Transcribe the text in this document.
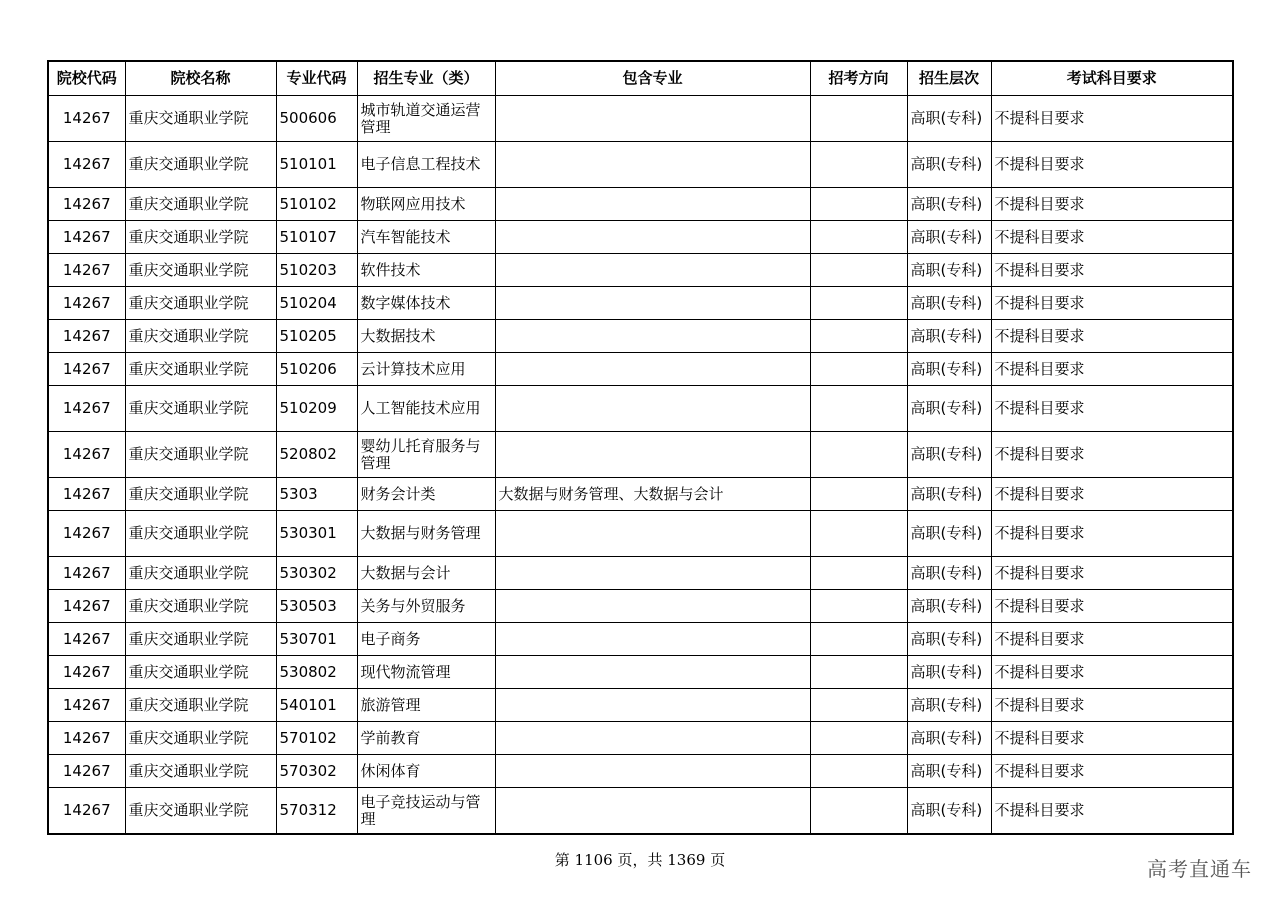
院校代码	院校名称	专业代码	招生专业（类）	包含专业	招考方向	招生层次	考试科目要求
14267	重庆交通职业学院	500606	城市轨道交通运营管理			高职(专科)	不提科目要求
14267	重庆交通职业学院	510101	电子信息工程技术			高职(专科)	不提科目要求
14267	重庆交通职业学院	510102	物联网应用技术			高职(专科)	不提科目要求
14267	重庆交通职业学院	510107	汽车智能技术			高职(专科)	不提科目要求
14267	重庆交通职业学院	510203	软件技术			高职(专科)	不提科目要求
14267	重庆交通职业学院	510204	数字媒体技术			高职(专科)	不提科目要求
14267	重庆交通职业学院	510205	大数据技术			高职(专科)	不提科目要求
14267	重庆交通职业学院	510206	云计算技术应用			高职(专科)	不提科目要求
14267	重庆交通职业学院	510209	人工智能技术应用			高职(专科)	不提科目要求
14267	重庆交通职业学院	520802	婴幼儿托育服务与管理			高职(专科)	不提科目要求
14267	重庆交通职业学院	5303	财务会计类	大数据与财务管理、大数据与会计		高职(专科)	不提科目要求
14267	重庆交通职业学院	530301	大数据与财务管理			高职(专科)	不提科目要求
14267	重庆交通职业学院	530302	大数据与会计			高职(专科)	不提科目要求
14267	重庆交通职业学院	530503	关务与外贸服务			高职(专科)	不提科目要求
14267	重庆交通职业学院	530701	电子商务			高职(专科)	不提科目要求
14267	重庆交通职业学院	530802	现代物流管理			高职(专科)	不提科目要求
14267	重庆交通职业学院	540101	旅游管理			高职(专科)	不提科目要求
14267	重庆交通职业学院	570102	学前教育			高职(专科)	不提科目要求
14267	重庆交通职业学院	570302	休闲体育			高职(专科)	不提科目要求
14267	重庆交通职业学院	570312	电子竞技运动与管理			高职(专科)	不提科目要求
第 1106 页，共 1369 页	高考直通车
